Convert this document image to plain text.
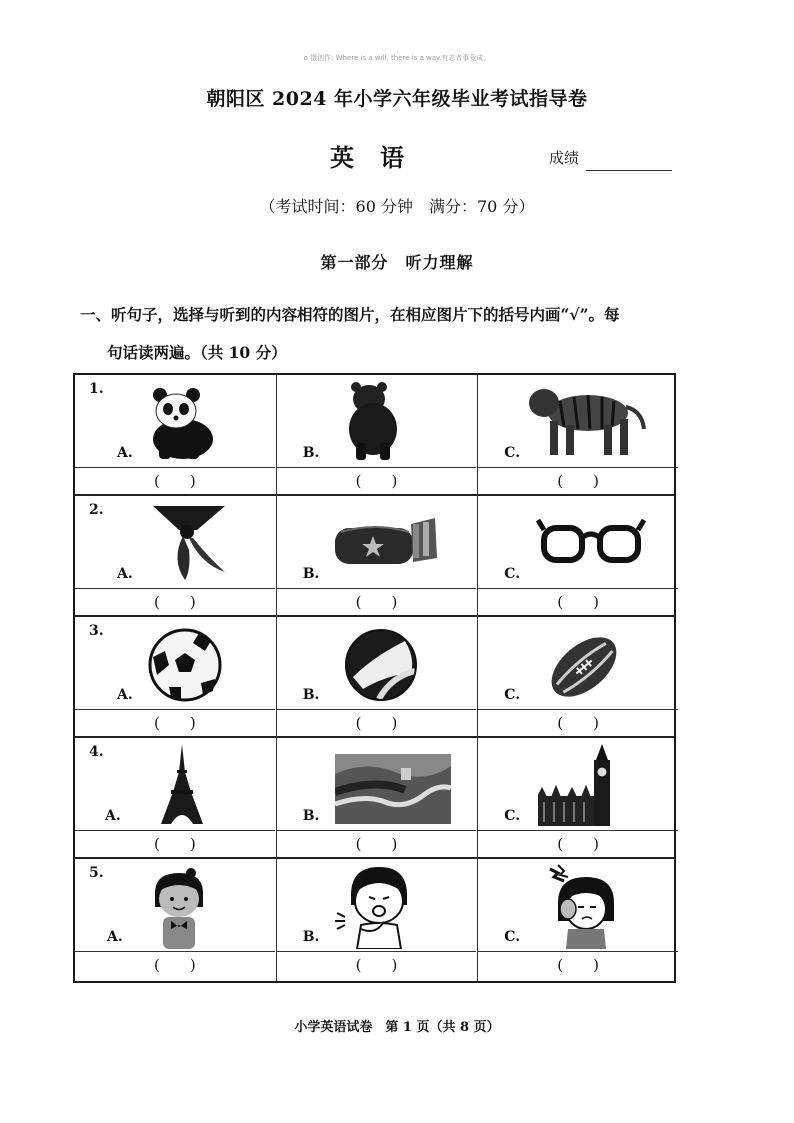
o 摄创作: Where is a will, there is a way.有志者事竟成。
朝阳区 2024 年小学六年级毕业考试指导卷
英语	成绩
（考试时间：60 分钟　满分：70 分）
第一部分　听力理解
一、听句子，选择与听到的内容相符的图片，在相应图片下的括号内画“√”。每
句话读两遍。（共 10 分）
1.
A.
(　　)
B.
(　　)
C.
(　　)
2.
A.
(　　)
B.
(　　)
C.
(　　)
3.
A.
(　　)
B.
(　　)
C.
(　　)
4.
A.
(　　)
B.
(　　)
C.
(　　)
5.
A.
(　　)
B.
(　　)
C.
(　　)
小学英语试卷　第 1 页（共 8 页）
